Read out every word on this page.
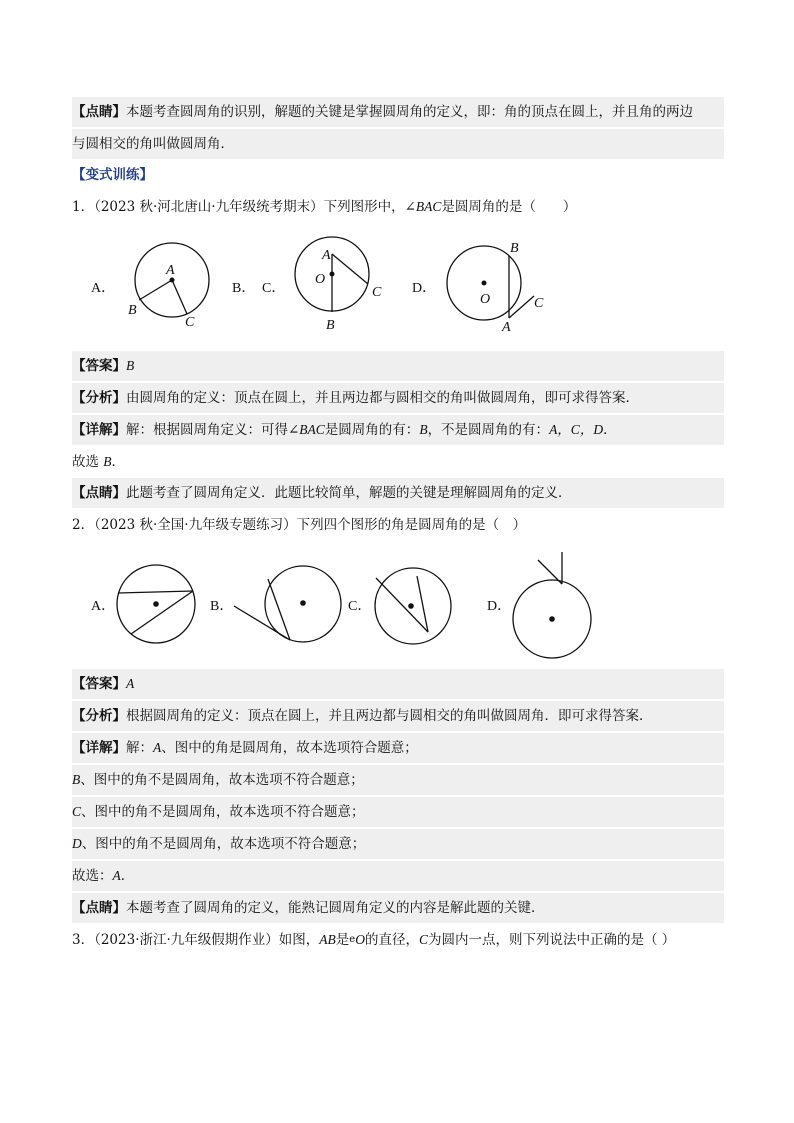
【点睛】本题考查圆周角的识别，解题的关键是掌握圆周角的定义，即：角的顶点在圆上，并且角的两边
与圆相交的角叫做圆周角．
【变式训练】
1．（2023 秋·河北唐山·九年级统考期末）下列图形中，∠BAC是圆周角的是（　　）
A．
A
B
C
B． C．
A
O
C
B
D．
B
O	C
A
【答案】B
【分析】由圆周角的定义：顶点在圆上，并且两边都与圆相交的角叫做圆周角，即可求得答案．
【详解】解：根据圆周角定义：可得∠BAC是圆周角的有：B，不是圆周角的有：A，C，D．
故选 B．
【点睛】此题考查了圆周角定义．此题比较简单，解题的关键是理解圆周角的定义．
2．（2023 秋·全国·九年级专题练习）下列四个图形的角是圆周角的是（　）
A．	B．	C．	D．
【答案】A
【分析】根据圆周角的定义：顶点在圆上，并且两边都与圆相交的角叫做圆周角．即可求得答案．
【详解】解：A、图中的角是圆周角，故本选项符合题意；
B、图中的角不是圆周角，故本选项不符合题意；
C、图中的角不是圆周角，故本选项不符合题意；
D、图中的角不是圆周角，故本选项不符合题意；
故选：A．
【点睛】本题考查了圆周角的定义，能熟记圆周角定义的内容是解此题的关键．
3．（2023·浙江·九年级假期作业）如图，AB是eO的直径，C为圆内一点，则下列说法中正确的是（ ）
